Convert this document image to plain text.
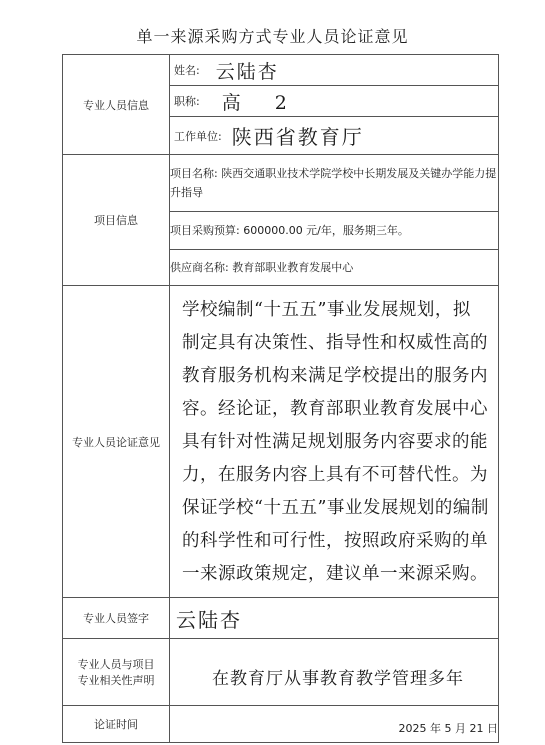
单一来源采购方式专业人员论证意见
专业人员信息	姓名: 云陆杏

	职称: 高 2

	工作单位: 陕西省教育厅

项目信息	项目名称: 陕西交通职业技术学院学校中长期发展及关键办学能力提升指导
	项目采购预算: 600000.00 元/年，服务期三年。
	供应商名称: 教育部职业教育发展中心
专业人员论证意见	学校编制“十五五”事业发展规划，拟 制定具有决策性、指导性和权威性高的教育服务机构来满足学校提出的服务内容。经论证，教育部职业教育发展中心具有针对性满足规划服务内容要求的能力，在服务内容上具有不可替代性。为保证学校“十五五”事业发展规划的编制的科学性和可行性，按照政府采购的单一来源政策规定，建议单一来源采购。

专业人员签字	云陆杏

专业人员与项目
专业相关性声明	在教育厅从事教育教学管理多年

论证时间	2025 年 5 月 21 日
